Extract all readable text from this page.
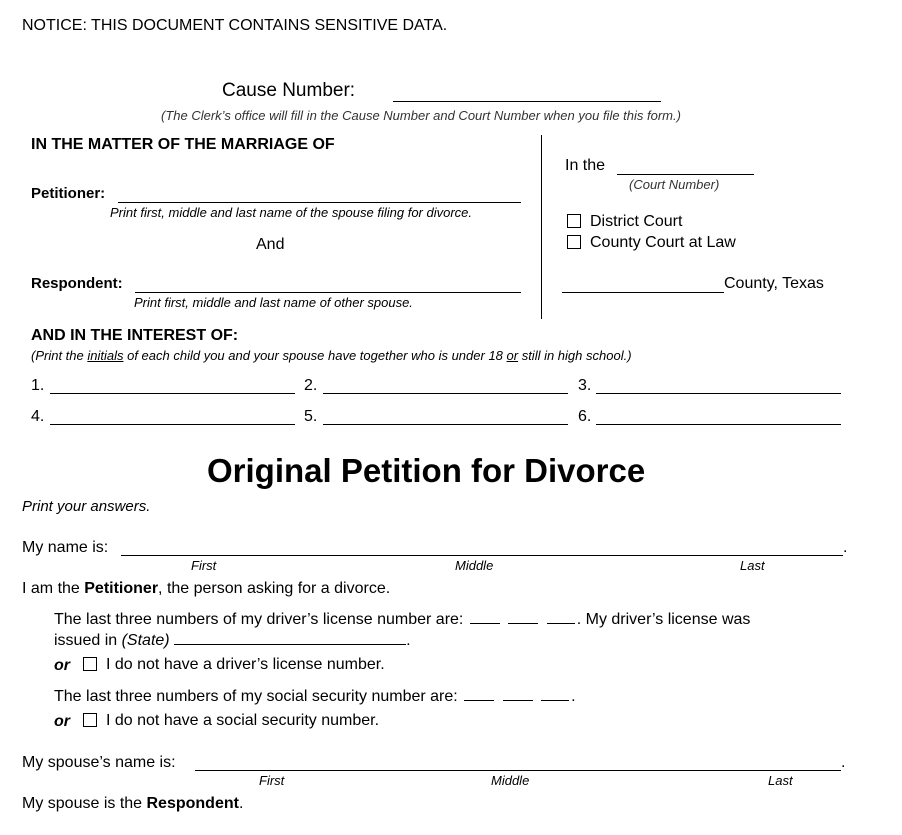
NOTICE: THIS DOCUMENT CONTAINS SENSITIVE DATA.
Cause Number:
(The Clerk’s office will fill in the Cause Number and Court Number when you file this form.)
IN THE MATTER OF THE MARRIAGE OF
Petitioner:
Print first, middle and last name of the spouse filing for divorce.
And
Respondent:
Print first, middle and last name of other spouse.
In the
(Court Number)
District Court
County Court at Law
County, Texas
AND IN THE INTEREST OF:
(Print the initials of each child you and your spouse have together who is under 18 or still in high school.)
1.	2.	3.
4.	5.	6.
Original Petition for Divorce
Print your answers.
My name is:	.
First	Middle	Last
I am the Petitioner, the person asking for a divorce.
The last three numbers of my driver’s license number are:	. My driver’s license was
issued in (State)	.
or I do not have a driver’s license number.
The last three numbers of my social security number are:	.
or I do not have a social security number.
My spouse’s name is:	.
First	Middle	Last
My spouse is the Respondent.
